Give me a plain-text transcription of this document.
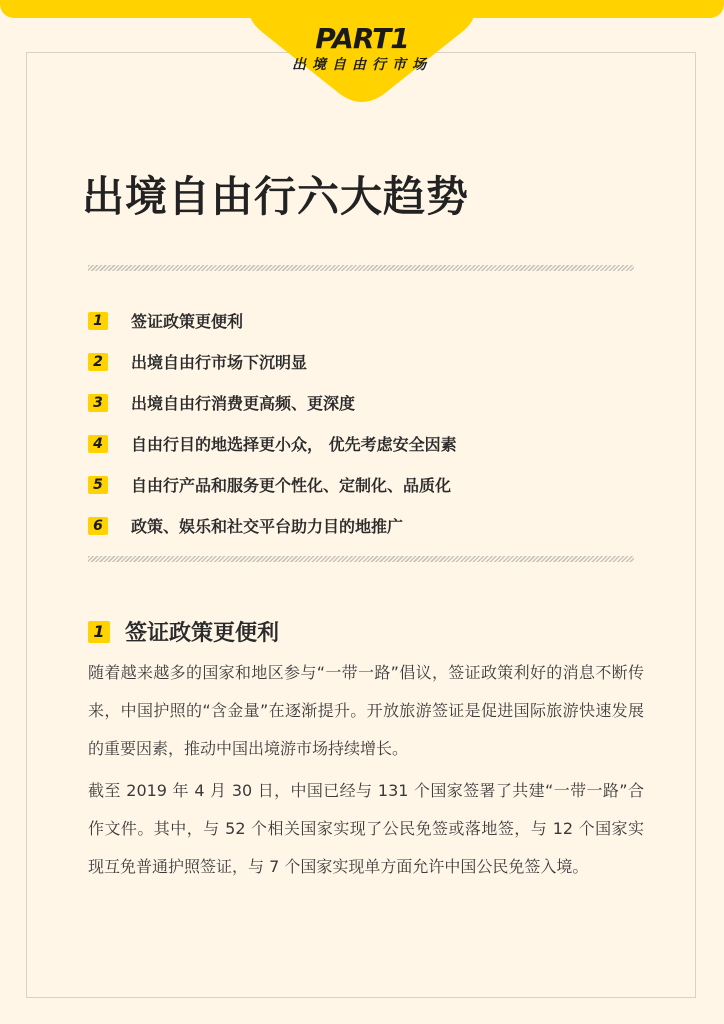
PART1
出境自由行市场
出境自由行六大趋势
1	签证政策更便利
2	出境自由行市场下沉明显
3	出境自由行消费更高频、更深度
4	自由行目的地选择更小众， 优先考虑安全因素
5	自由行产品和服务更个性化、定制化、品质化
6	政策、娱乐和社交平台助力目的地推广
1 签证政策更便利

随着越来越多的国家和地区参与“一带一路”倡议，签证政策利好的消息不断传来，中国护照的“含金量”在逐渐提升。开放旅游签证是促进国际旅游快速发展的重要因素，推动中国出境游市场持续增长。

截至 2019 年 4 月 30 日，中国已经与 131 个国家签署了共建“一带一路”合作文件。其中，与 52 个相关国家实现了公民免签或落地签，与 12 个国家实现互免普通护照签证，与 7 个国家实现单方面允许中国公民免签入境。
